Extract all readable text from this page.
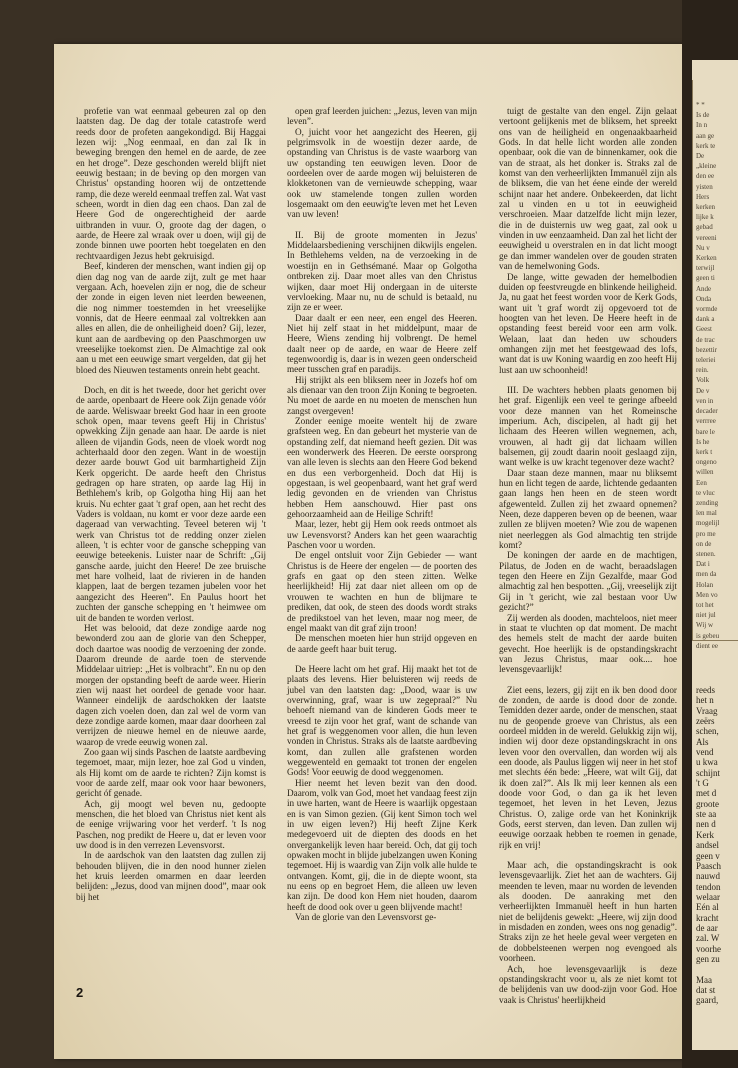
profetie van wat eenmaal gebeuren zal op den laatsten dag. De dag der totale catastrofe werd reeds door de profeten aangekondigd. Bij Haggai lezen wij: „Nog eenmaal, en dan zal Ik in beweging brengen den hemel en de aarde, de zee en het droge”. Deze geschonden wereld blijft niet eeuwig bestaan; in de beving op den morgen van Christus' opstanding hooren wij de ontzettende ramp, die deze wereld eenmaal treffen zal. Wat vast scheen, wordt in dien dag een chaos. Dan zal de Heere God de ongerechtigheid der aarde uitbranden in vuur. O, groote dag der dagen, o aarde, de Heere zal wraak over u doen, wijl gij de zonde binnen uwe poorten hebt toegelaten en den rechtvaardigen Jezus hebt gekruisigd.

Beef, kinderen der menschen, want indien gij op dien dag nog van de aarde zijt, zult ge met haar vergaan. Ach, hoevelen zijn er nog, die de scheur der zonde in eigen leven niet leerden beweenen, die nog nimmer toestemden in het vreeselijke vonnis, dat de Heere eenmaal zal voltrekken aan alles en allen, die de onheiligheid doen? Gij, lezer, kunt aan de aardbeving op den Paaschmorgen uw vreeselijke toekomst zien. De Almachtige zal ook aan u met een eeuwige smart vergelden, dat gij het bloed des Nieuwen testaments onrein hebt geacht.

Doch, en dit is het tweede, door het gericht over de aarde, openbaart de Heere ook Zijn genade vóór de aarde. Weliswaar breekt God haar in een groote schok open, maar tevens geeft Hij in Christus' opwekking Zijn genade aan haar. De aarde is niet alleen de vijandin Gods, neen de vloek wordt nog achterhaald door den zegen. Want in de woestijn dezer aarde bouwt God uit barmhartigheid Zijn Kerk opgericht. De aarde heeft den Christus gedragen op hare straten, op aarde lag Hij in Bethlehem's krib, op Golgotha hing Hij aan het kruis. Nu echter gaat 't graf open, aan het recht des Vaders is voldaan, nu komt er voor deze aarde een dageraad van verwachting. Teveel beteren wij 't werk van Christus tot de redding onzer zielen alleen, 't is echter voor de gansche schepping van eeuwige beteekenis. Luister naar de Schrift: „Gij gansche aarde, juicht den Heere! De zee bruische met hare volheid, laat de rivieren in de handen klappen, laat de bergen tezamen jubelen voor het aangezicht des Heeren”. En Paulus hoort het zuchten der gansche schepping en 't heimwee om uit de banden te worden verlost.

Het was belooid, dat deze zondige aarde nog bewonderd zou aan de glorie van den Schepper, doch daartoe was noodig de verzoening der zonde. Daarom dreunde de aarde toen de stervende Middelaar uitriep: „Het is volbracht”. En nu op den morgen der opstanding beeft de aarde weer. Hierin zien wij naast het oordeel de genade voor haar. Wanneer eindelijk de aardschokken der laatste dagen zich voelen doen, dan zal wel de vorm van deze zondige aarde komen, maar daar doorheen zal verrijzen de nieuwe hemel en de nieuwe aarde, waarop de vrede eeuwig wonen zal.

Zoo gaan wij sinds Paschen de laatste aardbeving tegemoet, maar, mijn lezer, hoe zal God u vinden, als Hij komt om de aarde te richten? Zijn komst is voor de aarde zelf, maar ook voor haar bewoners, gericht óf genade.

Ach, gij moogt wel beven nu, gedoopte menschen, die het bloed van Christus niet kent als de eenige vrijwaring voor het verderf. 't Is nog Paschen, nog predikt de Heere u, dat er leven voor uw dood is in den verrezen Levensvorst.

In de aardschok van den laatsten dag zullen zij behouden blijven, die in den nood hunner zielen het kruis leerden omarmen en daar leerden belijden: „Jezus, dood van mijnen dood”, maar ook bij het

open graf leerden juichen: „Jezus, leven van mijn leven”.

O, juicht voor het aangezicht des Heeren, gij pelgrimsvolk in de woestijn dezer aarde, de opstanding van Christus is de vaste waarborg van uw opstanding ten eeuwigen leven. Door de oordeelen over de aarde mogen wij beluisteren de klokketonen van de vernieuwde schepping, waar ook uw stamelende tongen zullen worden losgemaakt om den eeuwig'te leven met het Leven van uw leven!

II. Bij de groote momenten in Jezus' Middelaarsbediening verschijnen dikwijls engelen. In Bethlehems velden, na de verzoeking in de woestijn en in Gethsémané. Maar op Golgotha ontbreken zij. Daar moet alles van den Christus wijken, daar moet Hij ondergaan in de uiterste vervloeking. Maar nu, nu de schuld is betaald, nu zijn ze er weer.

Daar daalt er een neer, een engel des Heeren. Niet hij zelf staat in het middelpunt, maar de Heere, Wiens zending hij volbrengt. De hemel daalt neer op de aarde, en waar de Heere zelf tegenwoordig is, daar is in wezen geen onderscheid meer tusschen graf en paradijs.

Hij strijkt als een bliksem neer in Jozefs hof om als dienaar van den troon Zijn Koning te begroeten. Nu moet de aarde en nu moeten de menschen hun zangst overgeven!

Zonder eenige moeite wentelt hij de zware grafsteen weg. En dan gebeurt het mysterie van de opstanding zelf, dat niemand heeft gezien. Dit was een wonderwerk des Heeren. De eerste oorsprong van alle leven is slechts aan den Heere God bekend en dus een verborgenheid. Doch dat Hij is opgestaan, is wel geopenbaard, want het graf werd ledig gevonden en de vrienden van Christus hebben Hem aanschouwd. Hier past ons gehoorzaamheid aan de Heilige Schrift!

Maar, lezer, hebt gij Hem ook reeds ontmoet als uw Levensvorst? Anders kan het geen waarachtig Paschen voor u worden.

De engel ontsluit voor Zijn Gebieder — want Christus is de Heere der engelen — de poorten des grafs en gaat op den steen zitten. Welke heerlijkheid! Hij zat daar niet alleen om op de vrouwen te wachten en hun de blijmare te prediken, dat ook, de steen des doods wordt straks de predikstoel van het leven, maar nog meer, de engel maakt van dit graf zijn troon!

De menschen moeten hier hun strijd opgeven en de aarde geeft haar buit terug.

De Heere lacht om het graf. Hij maakt het tot de plaats des levens. Hier beluisteren wij reeds de jubel van den laatsten dag: „Dood, waar is uw overwinning, graf, waar is uw zegepraal?” Nu behoeft niemand van de kinderen Gods meer te vreesd te zijn voor het graf, want de schande van het graf is weggenomen voor allen, die hun leven vonden in Christus. Straks als de laatste aardbeving komt, dan zullen alle grafstenen worden weggewenteld en gemaakt tot tronen der engelen Gods! Voor eeuwig de dood weggenomen.

Hier neemt het leven bezit van den dood. Daarom, volk van God, moet het vandaag feest zijn in uwe harten, want de Heere is waarlijk opgestaan en is van Simon gezien. (Gij kent Simon toch wel in uw eigen leven?) Hij heeft Zijne Kerk medegevoerd uit de diepten des doods en het onvergankelijk leven haar bereid. Och, dat gij toch opwaken mocht in blijde jubelzangen uwen Koning tegemoet. Hij is waardig van Zijn volk alle hulde te ontvangen. Komt, gij, die in de diepte woont, sta nu eens op en begroet Hem, die alleen uw leven kan zijn. De dood kon Hem niet houden, daarom heeft de dood ook over u geen blijvende macht!

Van de glorie van den Levensvorst ge-

tuigt de gestalte van den engel. Zijn gelaat vertoont gelijkenis met de bliksem, het spreekt ons van de heiligheid en ongenaakbaarheid Gods. In dat helle licht worden alle zonden openbaar, ook die van de binnenkamer, ook die van de straat, als het donker is. Straks zal de komst van den verheerlijkten Immanuël zijn als de bliksem, die van het éene einde der wereld schijnt naar het andere. Onbekeerden, dat licht zal u vinden en u tot in eeuwigheid verschroeien. Maar datzelfde licht mijn lezer, die in de duisternis uw weg gaat, zal ook u vinden in uw eenzaamheid. Dan zal het licht der eeuwigheid u overstralen en in dat licht moogt ge dan immer wandelen over de gouden straten van de hemelwoning Gods.

De lange, witte gewaden der hemelbodien duiden op feestvreugde en blinkende heiligheid. Ja, nu gaat het feest worden voor de Kerk Gods, want uit 't graf wordt zij opgevoerd tot de hoogten van het leven. De Heere heeft in de opstanding feest bereid voor een arm volk. Welaan, laat dan heden uw schouders omhangen zijn met het feestgewaad des lofs, want dat is uw Koning waardig en zoo heeft Hij lust aan uw schoonheid!

III. De wachters hebben plaats genomen bij het graf. Eigenlijk een veel te geringe afbeeld voor deze mannen van het Romeinsche imperium. Ach, discipelen, al hadt gij het lichaam des Heeren willen wegnemen, ach, vrouwen, al hadt gij dat lichaam willen balsemen, gij zoudt daarin nooit geslaagd zijn, want welke is uw kracht tegenover deze wacht?

Daar staan deze mannen, maar nu bliksemt hun en licht tegen de aarde, lichtende gedaanten gaan langs hen heen en de steen wordt afgewenteld. Zullen zij het zwaard opnemen? Neen, deze dapperen beven op de beenen, waar zullen ze blijven moeten? Wie zou de wapenen niet neerleggen als God almachtig ten strijde komt?

De koningen der aarde en de machtigen, Pilatus, de Joden en de wacht, beraadslagen tegen den Heere en Zijn Gezalfde, maar God almachtig zal hen bespotten. „Gij, vreeselijk zijt Gij in 't gericht, wie zal bestaan voor Uw gezicht?”

Zij werden als dooden, machteloos, niet meer in staat te vluchten op dat moment. De macht des hemels stelt de macht der aarde buiten gevecht. Hoe heerlijk is de opstandingskracht van Jezus Christus, maar ook.... hoe levensgevaarlijk!

Ziet eens, lezers, gij zijt en ik ben dood door de zonden, de aarde is dood door de zonde. Temidden dezer aarde, onder de menschen, staat nu de geopende groeve van Christus, als een oordeel midden in de wereld. Gelukkig zijn wij, indien wij door deze opstandingskracht in ons leven voor den overvallen, dan worden wij als een doode, als Paulus liggen wij neer in het stof met slechts één bede: „Heere, wat wilt Gij, dat ik doen zal?”. Als Ik mij leer kennen als een doode voor God, o dan ga ik het leven tegemoet, het leven in het Leven, Jezus Christus. O, zalige orde van het Koninkrijk Gods, eerst sterven, dan leven. Dan zullen wij eeuwige oorzaak hebben te roemen in genade, rijk en vrij!

Maar ach, die opstandingskracht is ook levensgevaarlijk. Ziet het aan de wachters. Gij meenden te leven, maar nu worden de levenden als dooden. De aanraking met den verheerlijkten Immanuël heeft in hun harten niet de belijdenis gewekt: „Heere, wij zijn dood in misdaden en zonden, wees ons nog genadig”. Straks zijn ze het heele geval weer vergeten en de dobbelsteenen werpen nog evengoed als voorheen.

Ach, hoe levensgevaarlijk is deze opstandingskracht voor u, als ze niet komt tot de belijdenis van uw dood-zijn voor God. Hoe vaak is Christus' heerlijkheid

2
* *
Is de
In n
aan ge
kerk te
De
„kleine
den ee
yisten
Hers
kerken
lijke k
gebad
vereeni
Nu v
Kerken
terwijl
geen ti
Ande
Onda
vormde
dank a
Geest
de trac
bezettir
teleriei
rein.
Volk
De v
ven in
decader
verrree
bare le
Is he
kerk t
ongeno
willen
Een
te vluc
zending
len mal
mogelijl
pro me
on de
stenen.
Dat i
men da
Holan
Men vo
tot het
niet jul
Wij w
is gebeu
dient ee
reeds
het n
Vraag
zeërs
schen,
Als
vend
u kwa
schijnt
't G
met d
groote
ste aa
nen d
Kerk
andsel
geen v
Paasch
nauwd
tendon
welaar
Eén al
kracht
de aar
zal. W
voorhe
gen zu

Maa
dat st
gaard,
